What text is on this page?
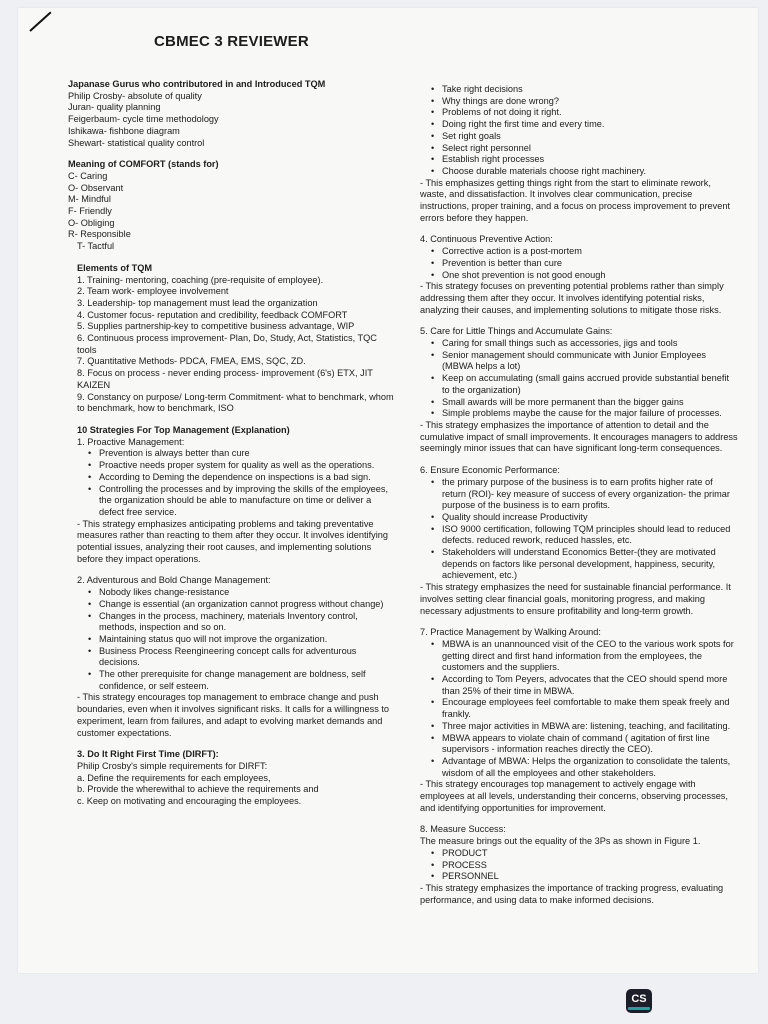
CBMEC 3 REVIEWER
Japanase Gurus who contributored in and Introduced TQM
Philip Crosby- absolute of quality
Juran- quality planning
Feigerbaum- cycle time methodology
Ishikawa- fishbone diagram
Shewart- statistical quality control
Meaning of COMFORT (stands for)
C- Caring
O- Observant
M- Mindful
F- Friendly
O- Obliging
R- Responsible
T- Tactful
Elements of TQM
1. Training- mentoring, coaching (pre-requisite of employee).
2. Team work- employee involvement
3. Leadership- top management must lead the organization
4. Customer focus- reputation and credibility, feedback COMFORT
5. Supplies partnership-key to competitive business advantage, WIP
6. Continuous process improvement- Plan, Do, Study, Act, Statistics, TQC tools
7. Quantitative Methods- PDCA, FMEA, EMS, SQC, ZD.
8. Focus on process - never ending process- improvement (6's) ETX, JIT KAIZEN
9. Constancy on purpose/ Long-term Commitment- what to benchmark, whom to benchmark, how to benchmark, ISO
10 Strategies For Top Management (Explanation)
1. Proactive Management:
• Prevention is always better than cure
• Proactive needs proper system for quality as well as the operations.
• According to Deming the dependence on inspections is a bad sign.
• Controlling the processes and by improving the skills of the employees, the organization should be able to manufacture on time or deliver a defect free service.

- This strategy emphasizes anticipating problems and taking preventative measures rather than reacting to them after they occur. It involves identifying potential issues, analyzing their root causes, and implementing solutions before they impact operations.

2. Adventurous and Bold Change Management:
• Nobody likes change-resistance
• Change is essential (an organization cannot progress without change)
• Changes in the process, machinery, materials Inventory control, methods, inspection and so on.
• Maintaining status quo will not improve the organization.
• Business Process Reengineering concept calls for adventurous decisions.
• The other prerequisite for change management are boldness, self confidence, or self esteem.

- This strategy encourages top management to embrace change and push boundaries, even when it involves significant risks. It calls for a willingness to experiment, learn from failures, and adapt to evolving market demands and customer expectations.

3. Do It Right First Time (DIRFT):
Philip Crosby's simple requirements for DIRFT:
a. Define the requirements for each employees,
b. Provide the wherewithal to achieve the requirements and
c. Keep on motivating and encouraging the employees.
• Take right decisions
• Why things are done wrong?
• Problems of not doing it right.
• Doing right the first time and every time.
• Set right goals
• Select right personnel
• Establish right processes
• Choose durable materials choose right machinery.

- This emphasizes getting things right from the start to eliminate rework, waste, and dissatisfaction. It involves clear communication, precise instructions, proper training, and a focus on process improvement to prevent errors before they happen.

4. Continuous Preventive Action:
• Corrective action is a post-mortem
• Prevention is better than cure
• One shot prevention is not good enough

- This strategy focuses on preventing potential problems rather than simply addressing them after they occur. It involves identifying potential risks, analyzing their causes, and implementing solutions to mitigate those risks.

5. Care for Little Things and Accumulate Gains:
• Caring for small things such as accessories, jigs and tools
• Senior management should communicate with Junior Employees (MBWA helps a lot)
• Keep on accumulating (small gains accrued provide substantial benefit to the organization)
• Small awards will be more permanent than the bigger gains
• Simple problems maybe the cause for the major failure of processes.

- This strategy emphasizes the importance of attention to detail and the cumulative impact of small improvements. It encourages managers to address seemingly minor issues that can have significant long-term consequences.

6. Ensure Economic Performance:
• the primary purpose of the business is to earn profits higher rate of return (ROI)- key measure of success of every organization- the primar purpose of the business is to earn profits.
• Quality should increase Productivity
• ISO 9000 certification, following TQM principles should lead to reduced defects. reduced rework, reduced hassles, etc.
• Stakeholders will understand Economics Better-(they are motivated depends on factors like personal development, happiness, security, achievement, etc.)

- This strategy emphasizes the need for sustainable financial performance. It involves setting clear financial goals, monitoring progress, and making necessary adjustments to ensure profitability and long-term growth.

7. Practice Management by Walking Around:
• MBWA is an unannounced visit of the CEO to the various work spots for getting direct and first hand information from the employees, the customers and the suppliers.
• According to Tom Peyers, advocates that the CEO should spend more than 25% of their time in MBWA.
• Encourage employees feel comfortable to make them speak freely and frankly.
• Three major activities in MBWA are: listening, teaching, and facilitating.
• MBWA appears to violate chain of command ( agitation of first line supervisors - information reaches directly the CEO).
• Advantage of MBWA: Helps the organization to consolidate the talents, wisdom of all the employees and other stakeholders.

- This strategy encourages top management to actively engage with employees at all levels, understanding their concerns, observing processes, and identifying opportunities for improvement.

8. Measure Success:
The measure brings out the equality of the 3Ps as shown in Figure 1.
• PRODUCT
• PROCESS
• PERSONNEL

- This strategy emphasizes the importance of tracking progress, evaluating performance, and using data to make informed decisions.

CS
